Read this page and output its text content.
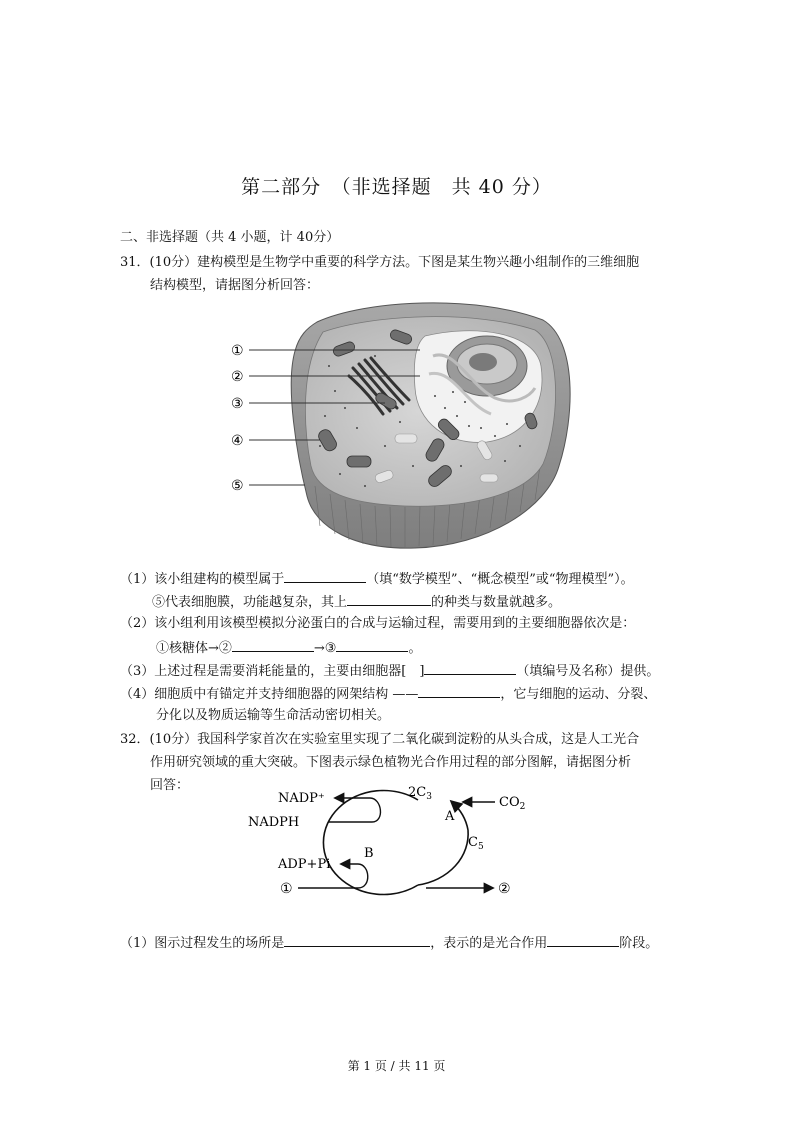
第二部分　（非选择题　共 40 分）
二、非选择题（共 4 小题，计 40分）
31．(10分）建构模型是生物学中重要的科学方法。下图是某生物兴趣小组制作的三维细胞
结构模型，请据图分析回答：
①
②
③
④
⑤
（1）该小组建构的模型属于	（填“数学模型”、“概念模型”或“物理模型”）。
⑤代表细胞膜，功能越复杂，其上	的种类与数量就越多。
（2）该小组利用该模型模拟分泌蛋白的合成与运输过程，需要用到的主要细胞器依次是：
①核糖体→②	→③	。
（3）上述过程是需要消耗能量的，主要由细胞器[　]	（填编号及名称）提供。
（4）细胞质中有锚定并支持细胞器的网架结构 ——	，它与细胞的运动、分裂、
分化以及物质运输等生命活动密切相关。
32．(10分）我国科学家首次在实验室里实现了二氧化碳到淀粉的从头合成，这是人工光合
作用研究领域的重大突破。下图表示绿色植物光合作用过程的部分图解，请据图分析
回答：
NADP⁺
NADPH
$2C_3$	$CO_2$
A
$C_5$
B
ADP+Pi
①	②
（1）图示过程发生的场所是	，表示的是光合作用	阶段。
第 1 页 / 共 11 页
